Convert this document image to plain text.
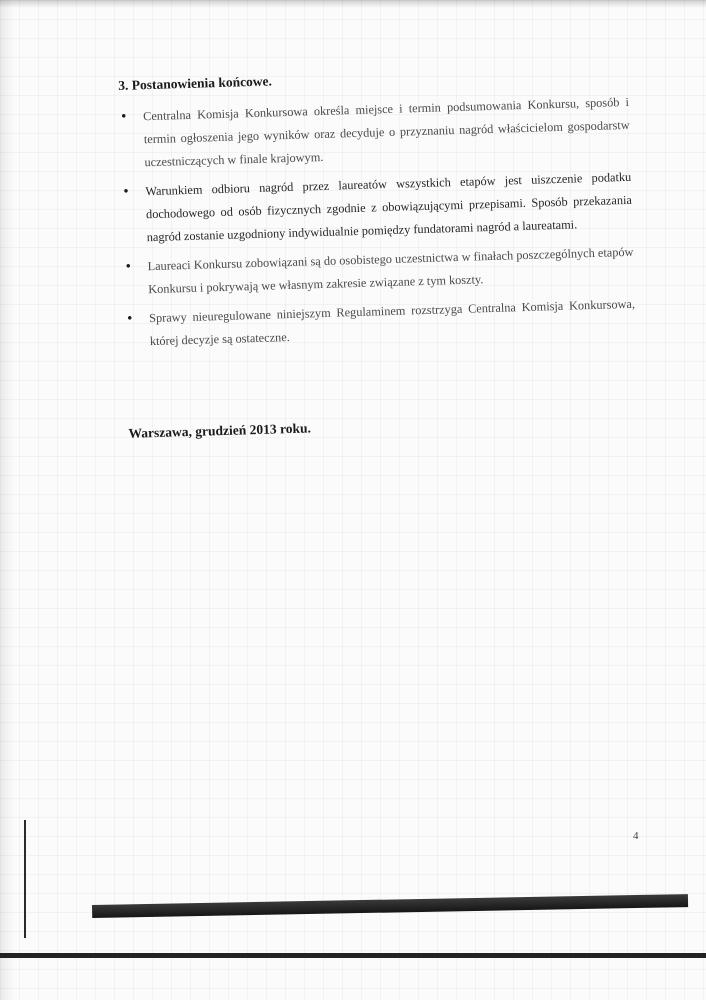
3. Postanowienia końcowe.
• Centralna Komisja Konkursowa określa miejsce i termin podsumowania Konkursu, sposób i termin ogłoszenia jego wyników oraz decyduje o przyznaniu nagród właścicielom gospodarstw uczestniczących w finale krajowym.
• Warunkiem odbioru nagród przez laureatów wszystkich etapów jest uiszczenie podatku dochodowego od osób fizycznych zgodnie z obowiązującymi przepisami. Sposób przekazania nagród zostanie uzgodniony indywidualnie pomiędzy fundatorami nagród a laureatami.
• Laureaci Konkursu zobowiązani są do osobistego uczestnictwa w finałach poszczególnych etapów Konkursu i pokrywają we własnym zakresie związane z tym koszty.
• Sprawy nieuregulowane niniejszym Regulaminem rozstrzyga Centralna Komisja Konkursowa, której decyzje są ostateczne.
Warszawa, grudzień 2013 roku.
4
